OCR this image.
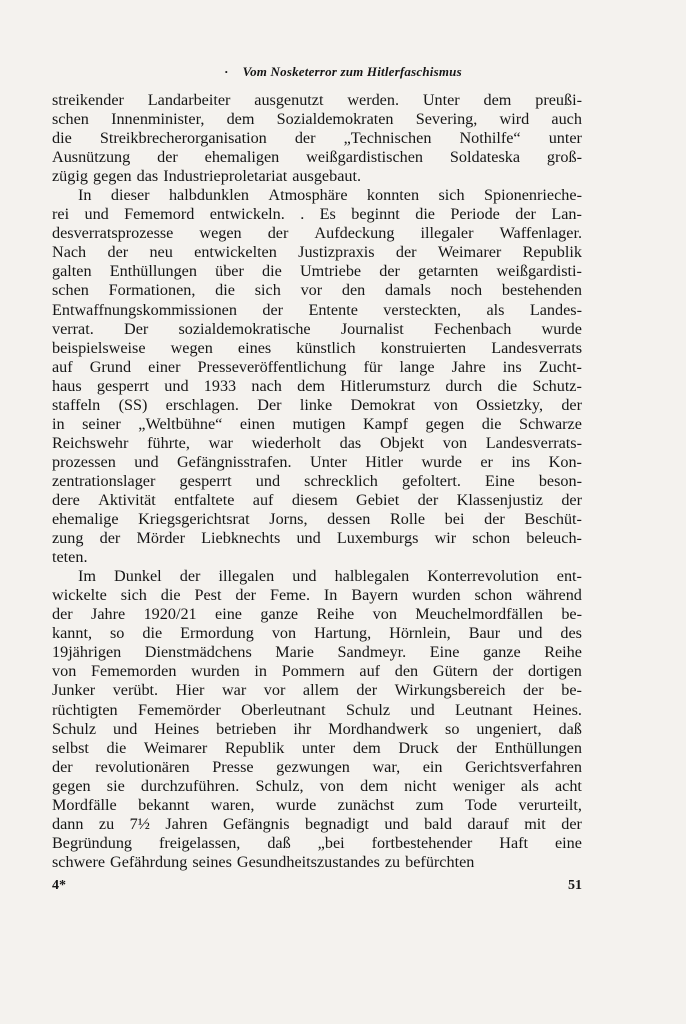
· Vom Nosketerror zum Hitlerfaschismus
streikender Landarbeiter ausgenutzt werden. Unter dem preußi-
schen Innenminister, dem Sozialdemokraten Severing, wird auch
die Streikbrecherorganisation der „Technischen Nothilfe“ unter
Ausnützung der ehemaligen weißgardistischen Soldateska groß-
zügig gegen das Industrieproletariat ausgebaut.
In dieser halbdunklen Atmosphäre konnten sich Spionenrieche-
rei und Fememord entwickeln. . Es beginnt die Periode der Lan-
desverratsprozesse wegen der Aufdeckung illegaler Waffenlager.
Nach der neu entwickelten Justizpraxis der Weimarer Republik
galten Enthüllungen über die Umtriebe der getarnten weißgardisti-
schen Formationen, die sich vor den damals noch bestehenden
Entwaffnungskommissionen der Entente versteckten, als Landes-
verrat. Der sozialdemokratische Journalist Fechenbach wurde
beispielsweise wegen eines künstlich konstruierten Landesverrats
auf Grund einer Presseveröffentlichung für lange Jahre ins Zucht-
haus gesperrt und 1933 nach dem Hitlerumsturz durch die Schutz-
staffeln (SS) erschlagen. Der linke Demokrat von Ossietzky, der
in seiner „Weltbühne“ einen mutigen Kampf gegen die Schwarze
Reichswehr führte, war wiederholt das Objekt von Landesverrats-
prozessen und Gefängnisstrafen. Unter Hitler wurde er ins Kon-
zentrationslager gesperrt und schrecklich gefoltert. Eine beson-
dere Aktivität entfaltete auf diesem Gebiet der Klassenjustiz der
ehemalige Kriegsgerichtsrat Jorns, dessen Rolle bei der Beschüt-
zung der Mörder Liebknechts und Luxemburgs wir schon beleuch-
teten.
Im Dunkel der illegalen und halblegalen Konterrevolution ent-
wickelte sich die Pest der Feme. In Bayern wurden schon während
der Jahre 1920/21 eine ganze Reihe von Meuchelmordfällen be-
kannt, so die Ermordung von Hartung, Hörnlein, Baur und des
19jährigen Dienstmädchens Marie Sandmeyr. Eine ganze Reihe
von Fememorden wurden in Pommern auf den Gütern der dortigen
Junker verübt. Hier war vor allem der Wirkungsbereich der be-
rüchtigten Fememörder Oberleutnant Schulz und Leutnant Heines.
Schulz und Heines betrieben ihr Mordhandwerk so ungeniert, daß
selbst die Weimarer Republik unter dem Druck der Enthüllungen
der revolutionären Presse gezwungen war, ein Gerichtsverfahren
gegen sie durchzuführen. Schulz, von dem nicht weniger als acht
Mordfälle bekannt waren, wurde zunächst zum Tode verurteilt,
dann zu 7½ Jahren Gefängnis begnadigt und bald darauf mit der
Begründung freigelassen, daß „bei fortbestehender Haft eine
schwere Gefährdung seines Gesundheitszustandes zu befürchten
4*	51
